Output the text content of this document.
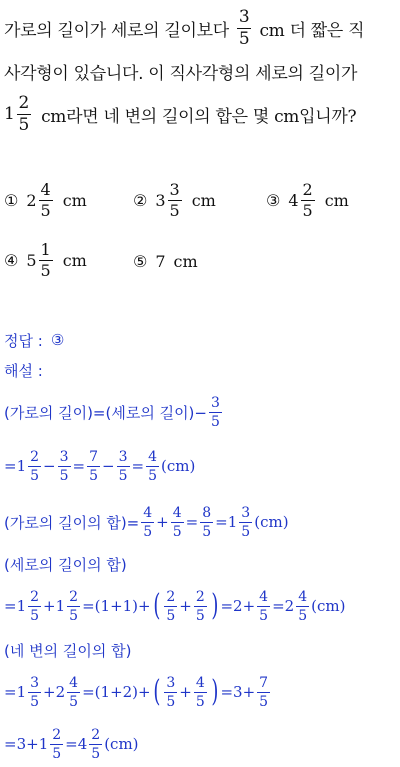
가로의 길이가 세로의 길이보다 $\frac{3}{5}$ cm 더 짧은 직
사각형이 있습니다. 이 직사각형의 세로의 길이가
$1 \frac{2}{5}$ cm라면 네 변의 길이의 합은 몇 cm입니까?
① $2 \frac{4}{5}$ cm	② $3 \frac{3}{5}$ cm	③ $4 \frac{2}{5}$ cm
④ $5 \frac{1}{5}$ cm	⑤ 7 cm
정답 : ③
해설 :
(가로의 길이)=(세로의 길이)− $\frac{3}{5}$
= $1 \frac{2}{5} - \frac{3}{5} = \frac{7}{5} - \frac{3}{5} = \frac{4}{5} (cm)$
(가로의 길이의 합)= $\frac{4}{5} + \frac{4}{5} = \frac{8}{5} = 1 \frac{3}{5} (cm)$
(세로의 길이의 합)
= $1 \frac{2}{5} + 1 \frac{2}{5} = (1+1)+$ ( $\frac{2}{5} + \frac{2}{5}$ ) $=2+ \frac{4}{5} = 2 \frac{4}{5} (cm)$
(네 변의 길이의 합)
= $1 \frac{3}{5} + 2 \frac{4}{5} = (1+2)+$ ( $\frac{3}{5} + \frac{4}{5}$ ) $=3+ \frac{7}{5}$
$=3+ 1 \frac{2}{5} = 4 \frac{2}{5} (cm)$
